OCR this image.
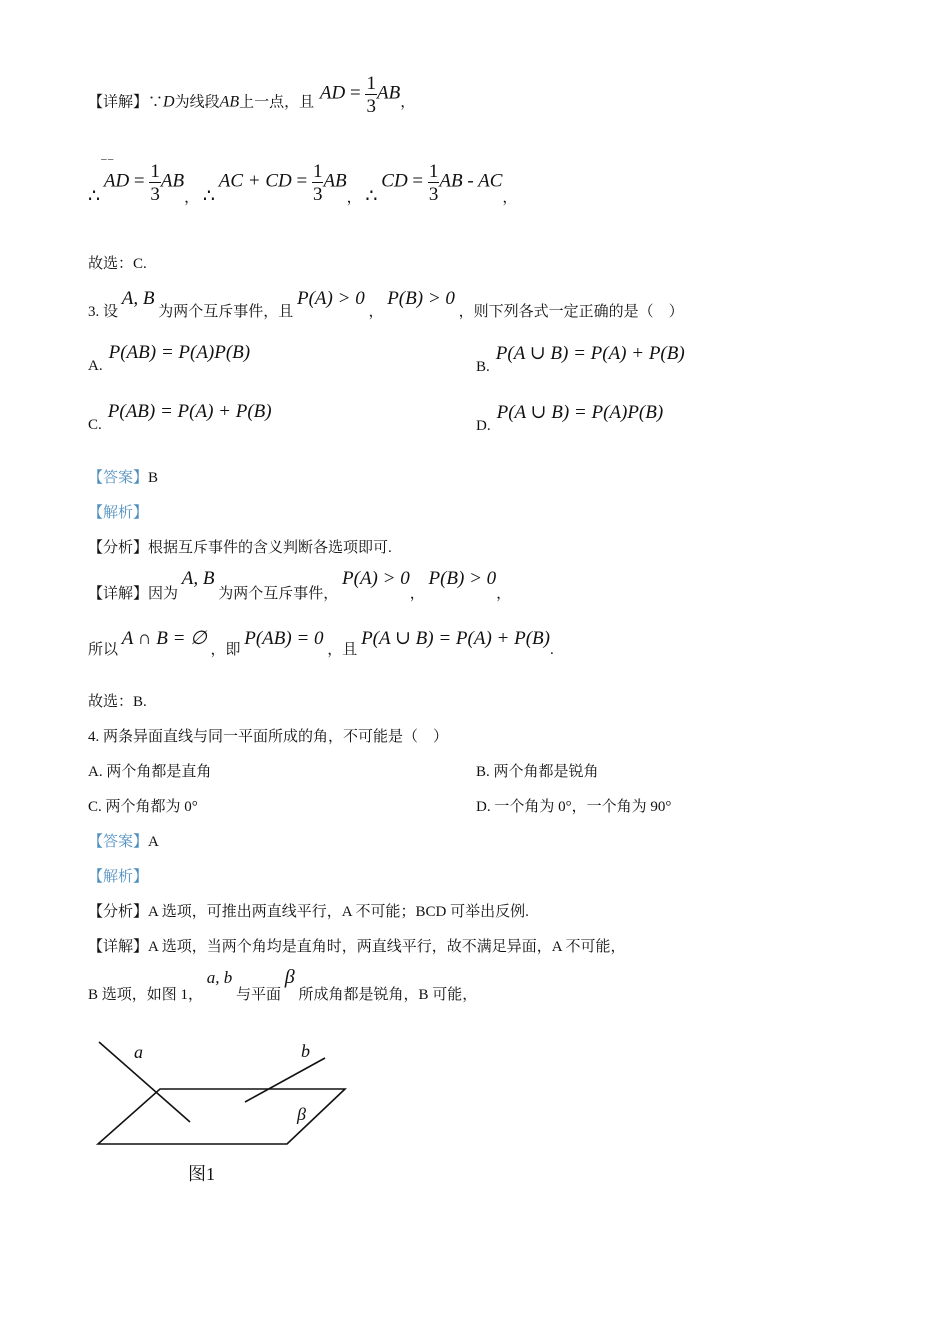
【详解】∵D为线段AB上一点，且 AD = $\frac{1}{3}$ AB，
∴
̅ ̅
AD = $\frac{1}{3}$ AB， ∴ AC + CD = $\frac{1}{3}$ AB， ∴ CD = $\frac{1}{3}$ AB - AC，
故选：C.
3. 设 A, B 为两个互斥事件，且 P(A) > 0 ， P(B) > 0 ，则下列各式一定正确的是（　）
A.P(AB) = P(A)P(B)
B.P(A ∪ B) = P(A) + P(B)
C.P(AB) = P(A) + P(B)
D.P(A ∪ B) = P(A)P(B)
【答案】B
【解析】
【分析】根据互斥事件的含义判断各选项即可.
【详解】因为 A, B 为两个互斥事件， P(A) > 0， P(B) > 0，
所以 A ∩ B = ∅ ，即 P(AB) = 0 ，且 P(A ∪ B) = P(A) + P(B).
故选：B.
4. 两条异面直线与同一平面所成的角，不可能是（　）
A. 两个角都是直角	B. 两个角都是锐角
C. 两个角都为 0°	D. 一个角为 0°，一个角为 90°
【答案】A
【解析】
【分析】A 选项，可推出两直线平行，A 不可能；BCD 可举出反例.
【详解】A 选项，当两个角均是直角时，两直线平行，故不满足异面，A 不可能，
B 选项，如图 1， a, b 与平面 β 所成角都是锐角，B 可能，
a	b
β
图1
